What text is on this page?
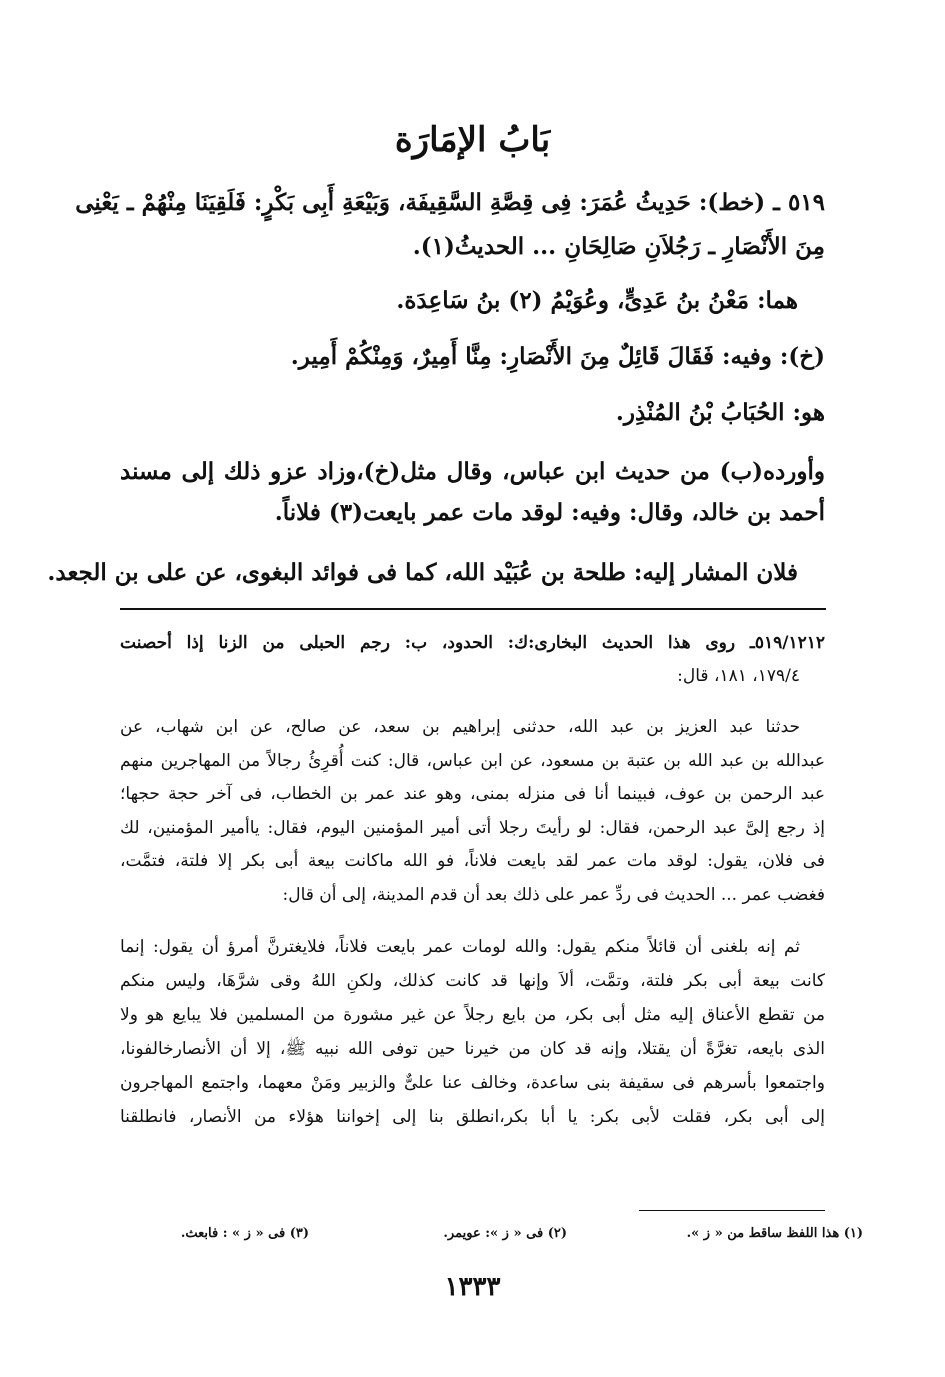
بَابُ الإمَارَة
٥١٩ ـ (خط): حَدِيثُ عُمَرَ: فِى قِصَّةِ السَّقِيفَة، وَبَيْعَةِ أَبِى بَكْرٍ: فَلَقِيَنَا مِنْهُمْ ـ يَعْنِى
مِنَ الأَنْصَارِ ـ رَجُلاَنِ صَالِحَانِ ... الحديثُ(١).
هما: مَعْنُ بنُ عَدِىٍّ، وعُوَيْمُ (٢) بنُ سَاعِدَة.
(خ): وفيه: فَقَالَ قَائِلٌ مِنَ الأَنْصَارِ: مِنَّا أَمِيرٌ، وَمِنْكُمْ أَمِير.
هو: الحُبَابُ بْنُ المُنْذِر.
وأورده(ب) من حديث ابن عباس، وقال مثل(خ)،وزاد عزو ذلك إلى مسند
أحمد بن خالد، وقال: وفيه: لوقد مات عمر بايعت(٣) فلاناً.
فلان المشار إليه: طلحة بن عُبَيْد الله، كما فى فوائد البغوى، عن على بن الجعد.
٥١٩/١٢١٢ـ روى هذا الحديث البخارى:ك: الحدود، ب: رجم الحبلى من الزنا إذا أحصنت
١٧٩/٤، ١٨١، قال:
حدثنا عبد العزيز بن عبد الله، حدثنى إبراهيم بن سعد، عن صالح، عن ابن شهاب، عن
عبدالله بن عبد الله بن عتبة بن مسعود، عن ابن عباس، قال: كنت أُقرِئُ رجالاً من المهاجرين منهم
عبد الرحمن بن عوف، فبينما أنا فى منزله بمنى، وهو عند عمر بن الخطاب، فى آخر حجة حجها؛
إذ رجع إلىَّ عبد الرحمن، فقال: لو رأيتَ رجلا أتى أمير المؤمنين اليوم، فقال: ياأمير المؤمنين، لك
فى فلان، يقول: لوقد مات عمر لقد بايعت فلاناً، فو الله ماكانت بيعة أبى بكر إلا فلتة، فتمَّت،
فغضب عمر ... الحديث فى ردِّ عمر على ذلك بعد أن قدم المدينة، إلى أن قال:
ثم إنه بلغنى أن قائلاً منكم يقول: والله لومات عمر بايعت فلاناً، فلايغترنَّ أمرؤ أن يقول: إنما
كانت بيعة أبى بكر فلتة، وتمَّت، ألاَ وإنها قد كانت كذلك، ولكنِ اللهُ وقى شرَّهَا، وليس منكم
من تقطع الأعناق إليه مثل أبى بكر، من بايع رجلاً عن غير مشورة من المسلمين فلا يبايع هو ولا
الذى بايعه، تغرَّةً أن يقتلا، وإنه قد كان من خيرنا حين توفى الله نبيه ﷺ، إلا أن الأنصارخالفونا،
واجتمعوا بأسرهم فى سقيفة بنى ساعدة، وخالف عنا علىٌّ والزبير ومَنْ معهما، واجتمع المهاجرون
إلى أبى بكر، فقلت لأبى بكر: يا أبا بكر،انطلق بنا إلى إخواننا هؤلاء من الأنصار، فانطلقنا
(١) هذا اللفظ ساقط من « ز ».
(٢) فى « ز »: عويمر.
(٣) فى « ز » : فابعث.
١٣٣٣
